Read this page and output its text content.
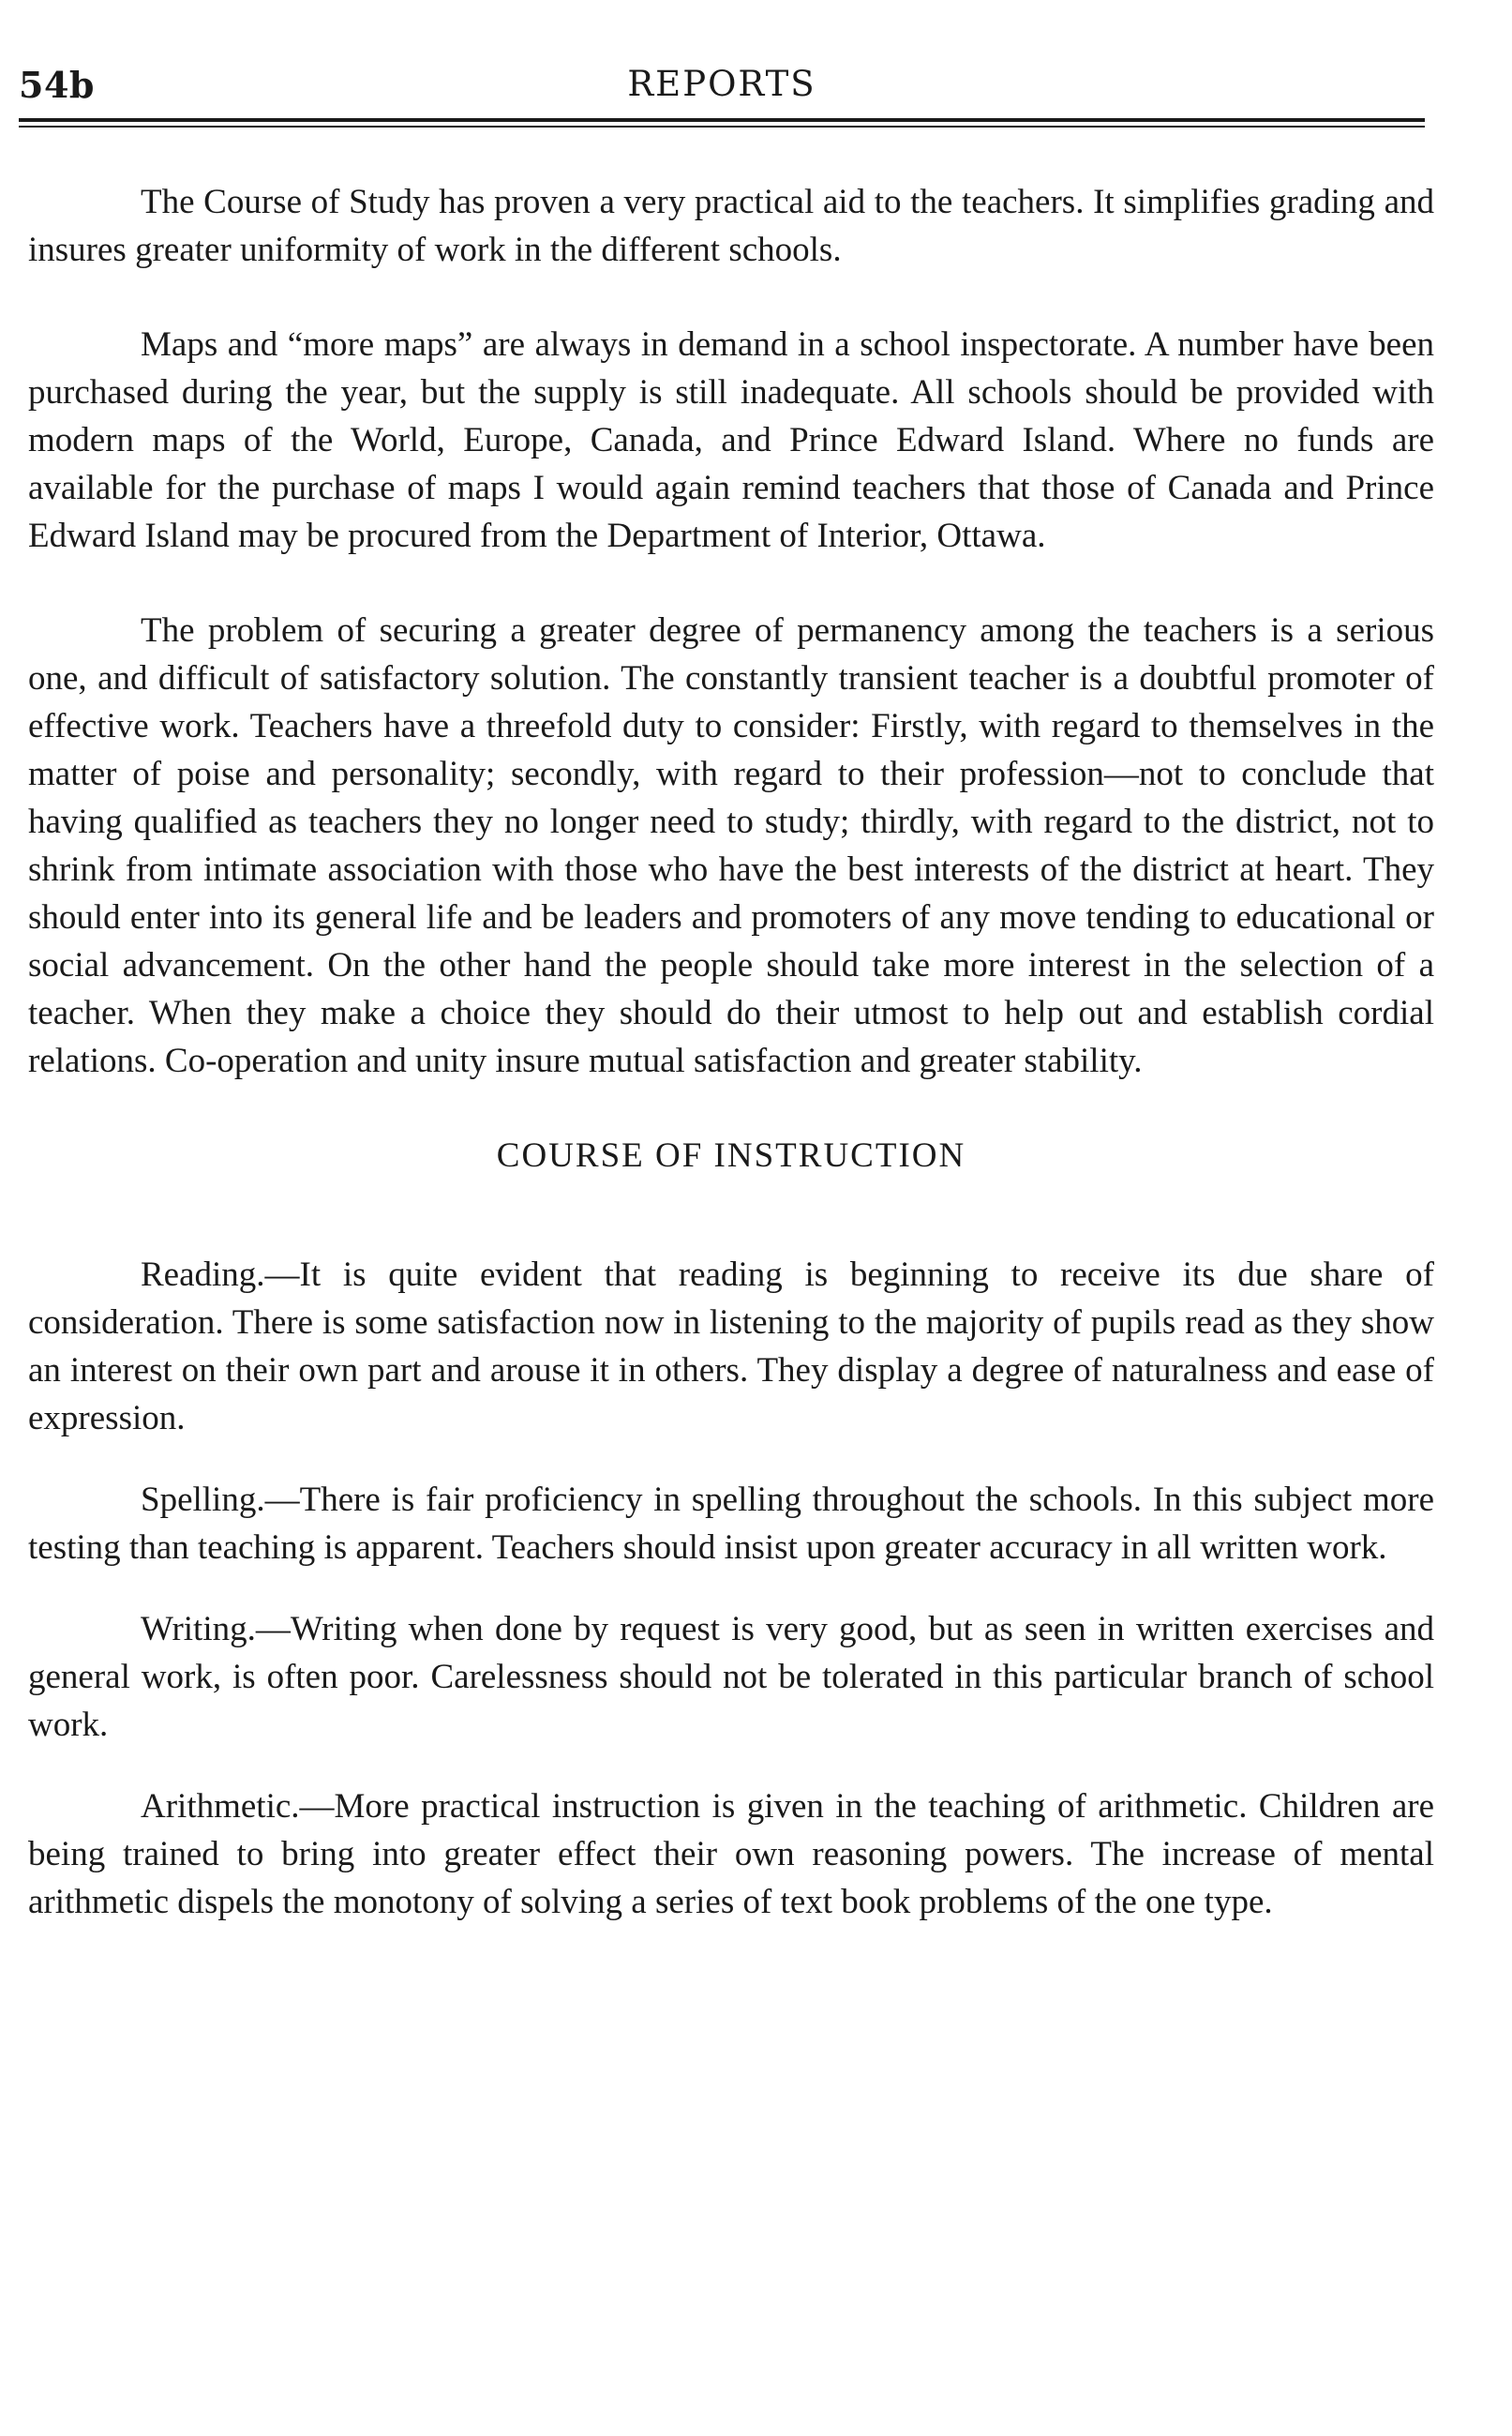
54b	REPORTS

The Course of Study has proven a very practical aid to the teachers. It simplifies grading and insures greater uniformity of work in the different schools.

Maps and “more maps” are always in demand in a school inspectorate. A number have been purchased during the year, but the supply is still inadequate. All schools should be provided with modern maps of the World, Europe, Canada, and Prince Edward Island. Where no funds are available for the purchase of maps I would again remind teachers that those of Canada and Prince Edward Island may be procured from the Department of Interior, Ottawa.

The problem of securing a greater degree of permanency among the teachers is a serious one, and difficult of satisfactory solution. The constantly transient teacher is a doubtful promoter of effective work. Teachers have a threefold duty to consider: Firstly, with regard to themselves in the matter of poise and personality; secondly, with regard to their profession—not to conclude that having qualified as teachers they no longer need to study; thirdly, with regard to the district, not to shrink from intimate association with those who have the best interests of the district at heart. They should enter into its general life and be leaders and promoters of any move tending to educational or social advancement. On the other hand the people should take more interest in the selection of a teacher. When they make a choice they should do their utmost to help out and establish cordial relations. Co-operation and unity insure mutual satisfaction and greater stability.

COURSE OF INSTRUCTION

Reading.—It is quite evident that reading is beginning to receive its due share of consideration. There is some satisfaction now in listening to the majority of pupils read as they show an interest on their own part and arouse it in others. They display a degree of naturalness and ease of expression.

Spelling.—There is fair proficiency in spelling throughout the schools. In this subject more testing than teaching is apparent. Teachers should insist upon greater accuracy in all written work.

Writing.—Writing when done by request is very good, but as seen in written exercises and general work, is often poor. Carelessness should not be tolerated in this particular branch of school work.

Arithmetic.—More practical instruction is given in the teaching of arithmetic. Children are being trained to bring into greater effect their own reasoning powers. The increase of mental arithmetic dispels the monotony of solving a series of text book problems of the one type.
